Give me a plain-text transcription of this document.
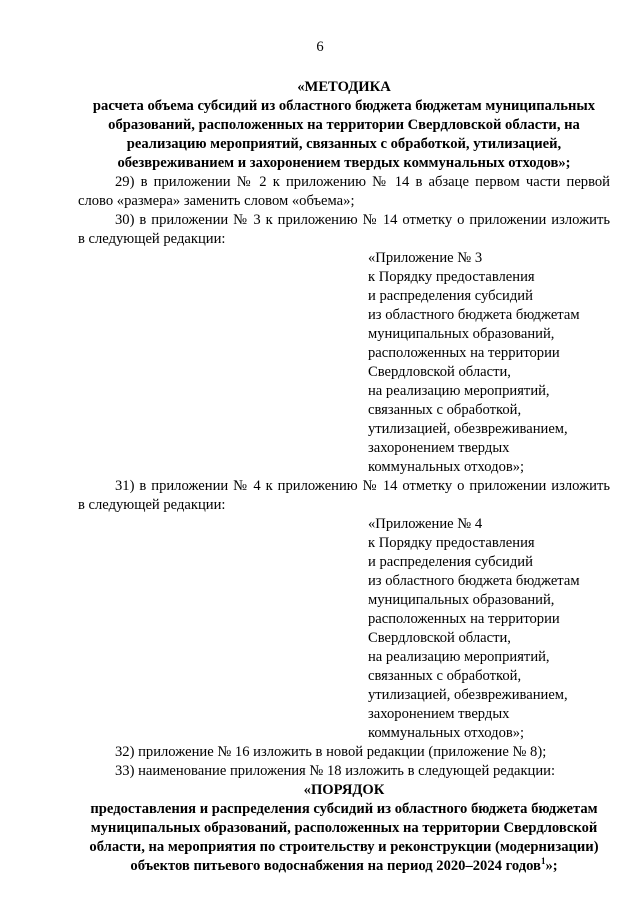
6
«МЕТОДИКА
расчета объема субсидий из областного бюджета бюджетам муниципальных
образований, расположенных на территории Свердловской области, на
реализацию мероприятий, связанных с обработкой, утилизацией,
обезвреживанием и захоронением твердых коммунальных отходов»;
29) в приложении № 2 к приложению № 14 в абзаце первом части первой
слово «размера» заменить словом «объема»;
30) в приложении № 3 к приложению № 14 отметку о приложении изложить
в следующей редакции:
«Приложение № 3
к Порядку предоставления
и распределения субсидий
из областного бюджета бюджетам
муниципальных образований,
расположенных на территории
Свердловской области,
на реализацию мероприятий,
связанных с обработкой,
утилизацией, обезвреживанием,
захоронением твердых
коммунальных отходов»;
31) в приложении № 4 к приложению № 14 отметку о приложении изложить
в следующей редакции:
«Приложение № 4
к Порядку предоставления
и распределения субсидий
из областного бюджета бюджетам
муниципальных образований,
расположенных на территории
Свердловской области,
на реализацию мероприятий,
связанных с обработкой,
утилизацией, обезвреживанием,
захоронением твердых
коммунальных отходов»;
32) приложение № 16 изложить в новой редакции (приложение № 8);
33) наименование приложения № 18 изложить в следующей редакции:
«ПОРЯДОК
предоставления и распределения субсидий из областного бюджета бюджетам
муниципальных образований, расположенных на территории Свердловской
области, на мероприятия по строительству и реконструкции (модернизации)
объектов питьевого водоснабжения на период 2020–2024 годов$^1$»;
